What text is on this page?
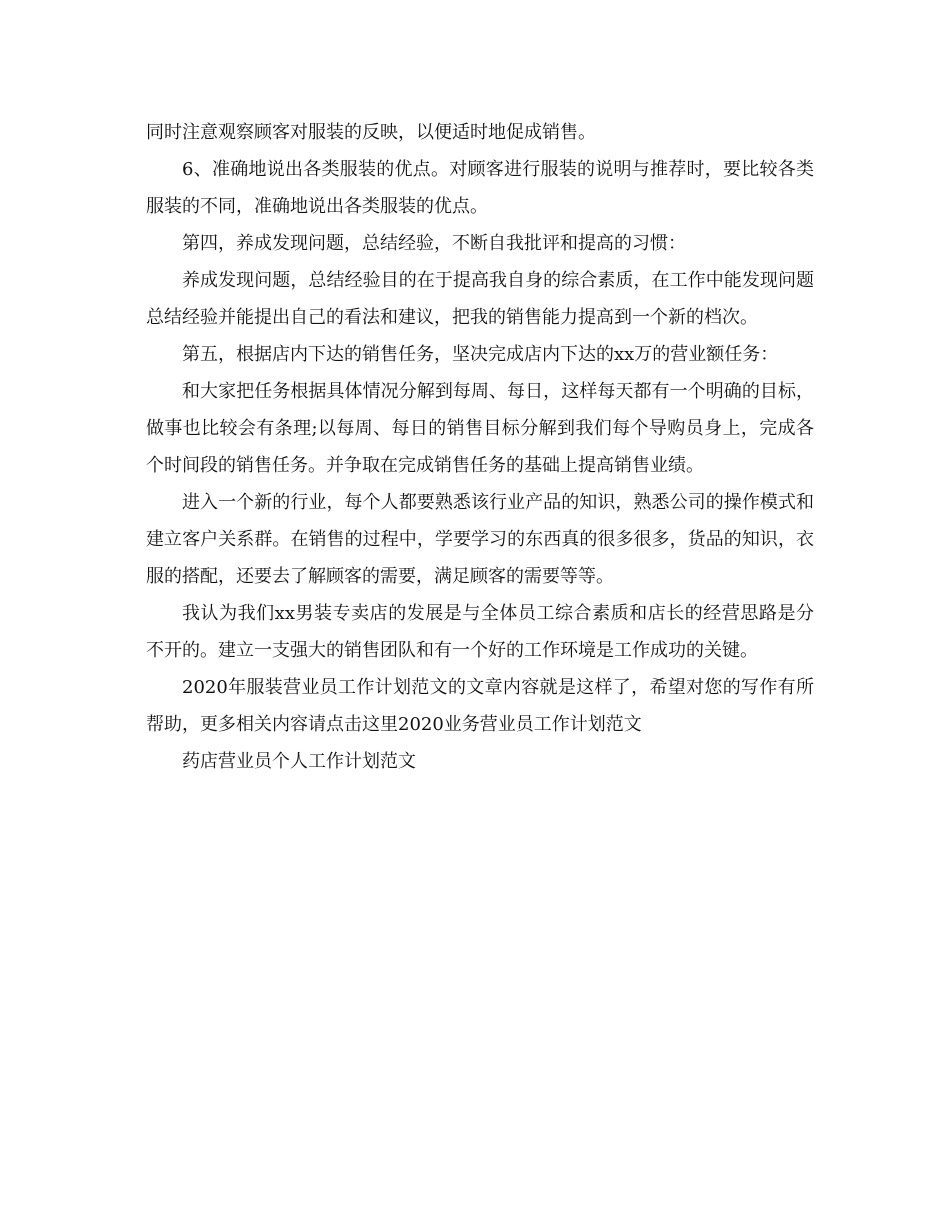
同时注意观察顾客对服装的反映，以便适时地促成销售。

6、准确地说出各类服装的优点。对顾客进行服装的说明与推荐时，要比较各类服装的不同，准确地说出各类服装的优点。

第四，养成发现问题，总结经验，不断自我批评和提高的习惯：

养成发现问题，总结经验目的在于提高我自身的综合素质，在工作中能发现问题总结经验并能提出自己的看法和建议，把我的销售能力提高到一个新的档次。

第五，根据店内下达的销售任务，坚决完成店内下达的xx万的营业额任务：

和大家把任务根据具体情况分解到每周、每日，这样每天都有一个明确的目标，做事也比较会有条理;以每周、每日的销售目标分解到我们每个导购员身上，完成各个时间段的销售任务。并争取在完成销售任务的基础上提高销售业绩。

进入一个新的行业，每个人都要熟悉该行业产品的知识，熟悉公司的操作模式和建立客户关系群。在销售的过程中，学要学习的东西真的很多很多，货品的知识，衣服的搭配，还要去了解顾客的需要，满足顾客的需要等等。

我认为我们xx男装专卖店的发展是与全体员工综合素质和店长的经营思路是分不开的。建立一支强大的销售团队和有一个好的工作环境是工作成功的关键。

2020年服装营业员工作计划范文的文章内容就是这样了，希望对您的写作有所帮助，更多相关内容请点击这里2020业务营业员工作计划范文

药店营业员个人工作计划范文
